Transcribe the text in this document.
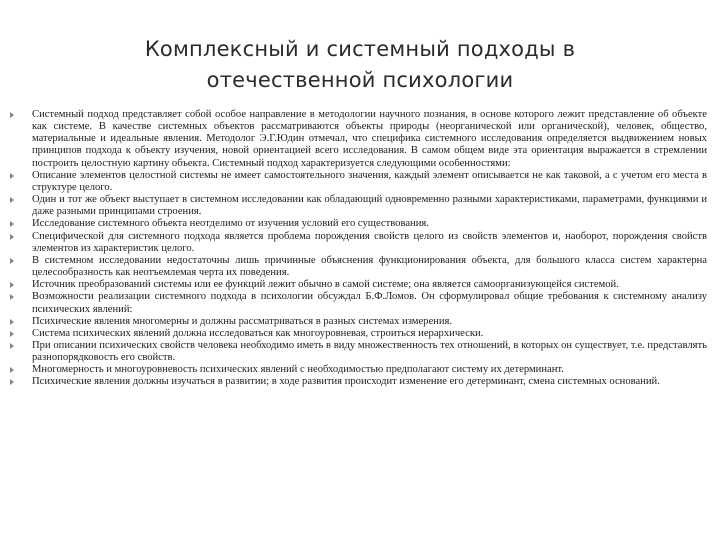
Комплексный и системный подходы в
отечественной психологии
Системный подход представляет собой особое направление в методологии научного познания, в основе которого лежит представление об объекте как системе. В качестве системных объектов рассматриваются объекты природы (неорганической или органической), человек, общество, материальные и идеальные явления. Методолог Э.Г.Юдин отмечал, что специфика системного исследования определяется выдвижением новых принципов подхода к объекту изучения, новой ориентацией всего исследования. В самом общем виде эта ориентация выражается в стремлении построить целостную картину объекта. Системный подход характеризуется следующими особенностями:
Описание элементов целостной системы не имеет самостоятельного значения, каждый элемент описывается не как таковой, а с учетом его места в структуре целого.
Один и тот же объект выступает в системном исследовании как обладающий одновременно разными характеристиками, параметрами, функциями и даже разными принципами строения.
Исследование системного объекта неотделимо от изучения условий его существования.
Специфической для системного подхода является проблема порождения свойств целого из свойств элементов и, наоборот, порождения свойств элементов из характеристик целого.
В системном исследовании недостаточны лишь причинные объяснения функционирования объекта, для большого класса систем характерна целесообразность как неотъемлемая черта их поведения.
Источник преобразований системы или ее функций лежит обычно в самой системе; она является самоорганизующейся системой.
Возможности реализации системного подхода в психологии обсуждал Б.Ф.Ломов. Он сформулировал общие требования к системному анализу психических явлений:
Психические явления многомерны и должны рассматриваться в разных системах измерения.
Система психических явлений должна исследоваться как многоуровневая, строиться иерархически.
При описании психических свойств человека необходимо иметь в виду множественность тех отношений, в которых он существует, т.е. представлять разнопорядковость его свойств.
Многомерность и многоуровневость психических явлений с необходимостью предполагают систему их детерминант.
Психические явления должны изучаться в развитии; в ходе развития происходит изменение его детерминант, смена системных оснований.
